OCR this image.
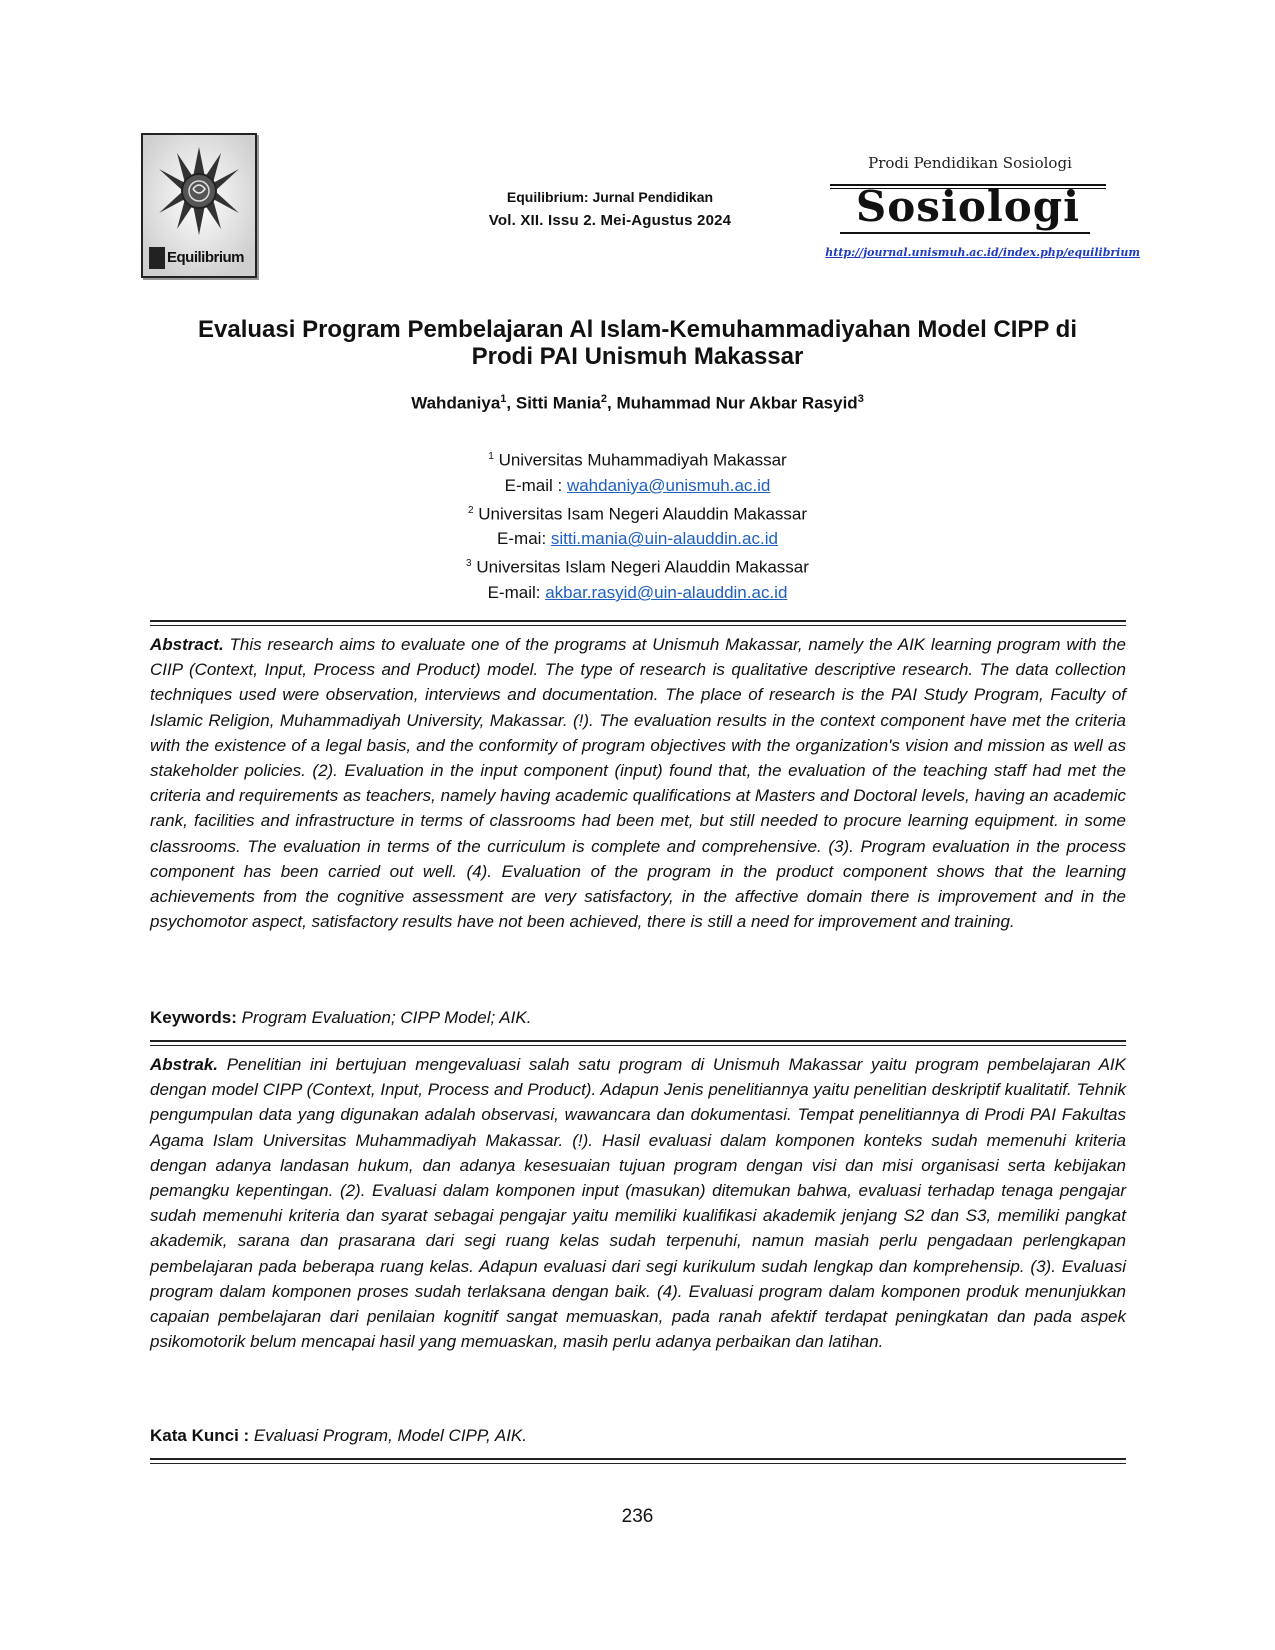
Equilibrium
Equilibrium: Jurnal Pendidikan
Vol. XII. Issu 2. Mei-Agustus 2024
Prodi Pendidikan Sosiologi
Sosiologi
http://journal.unismuh.ac.id/index.php/equilibrium
Evaluasi Program Pembelajaran Al Islam-Kemuhammadiyahan Model CIPP di
Prodi PAI Unismuh Makassar
Wahdaniya$^1$, Sitti Mania$^2$, Muhammad Nur Akbar Rasyid$^3$
$^1$ Universitas Muhammadiyah Makassar
E-mail : wahdaniya@unismuh.ac.id
$^2$ Universitas Isam Negeri Alauddin Makassar
E-mai: sitti.mania@uin-alauddin.ac.id
$^3$ Universitas Islam Negeri Alauddin Makassar
E-mail: akbar.rasyid@uin-alauddin.ac.id

Abstract. This research aims to evaluate one of the programs at Unismuh Makassar, namely the AIK learning program with the CIIP (Context, Input, Process and Product) model. The type of research is qualitative descriptive research. The data collection techniques used were observation, interviews and documentation. The place of research is the PAI Study Program, Faculty of Islamic Religion, Muhammadiyah University, Makassar. (!). The evaluation results in the context component have met the criteria with the existence of a legal basis, and the conformity of program objectives with the organization's vision and mission as well as stakeholder policies. (2). Evaluation in the input component (input) found that, the evaluation of the teaching staff had met the criteria and requirements as teachers, namely having academic qualifications at Masters and Doctoral levels, having an academic rank, facilities and infrastructure in terms of classrooms had been met, but still needed to procure learning equipment. in some classrooms. The evaluation in terms of the curriculum is complete and comprehensive. (3). Program evaluation in the process component has been carried out well. (4). Evaluation of the program in the product component shows that the learning achievements from the cognitive assessment are very satisfactory, in the affective domain there is improvement and in the psychomotor aspect, satisfactory results have not been achieved, there is still a need for improvement and training.

Keywords: Program Evaluation; CIPP Model; AIK.

Abstrak. Penelitian ini bertujuan mengevaluasi salah satu program di Unismuh Makassar yaitu program pembelajaran AIK dengan model CIPP (Context, Input, Process and Product). Adapun Jenis penelitiannya yaitu penelitian deskriptif kualitatif. Tehnik pengumpulan data yang digunakan adalah observasi, wawancara dan dokumentasi. Tempat penelitiannya di Prodi PAI Fakultas Agama Islam Universitas Muhammadiyah Makassar. (!). Hasil evaluasi dalam komponen konteks sudah memenuhi kriteria dengan adanya landasan hukum, dan adanya kesesuaian tujuan program dengan visi dan misi organisasi serta kebijakan pemangku kepentingan. (2). Evaluasi dalam komponen input (masukan) ditemukan bahwa, evaluasi terhadap tenaga pengajar sudah memenuhi kriteria dan syarat sebagai pengajar yaitu memiliki kualifikasi akademik jenjang S2 dan S3, memiliki pangkat akademik, sarana dan prasarana dari segi ruang kelas sudah terpenuhi, namun masiah perlu pengadaan perlengkapan pembelajaran pada beberapa ruang kelas. Adapun evaluasi dari segi kurikulum sudah lengkap dan komprehensip. (3). Evaluasi program dalam komponen proses sudah terlaksana dengan baik. (4). Evaluasi program dalam komponen produk menunjukkan capaian pembelajaran dari penilaian kognitif sangat memuaskan, pada ranah afektif terdapat peningkatan dan pada aspek psikomotorik belum mencapai hasil yang memuaskan, masih perlu adanya perbaikan dan latihan.

Kata Kunci : Evaluasi Program, Model CIPP, AIK.
236
